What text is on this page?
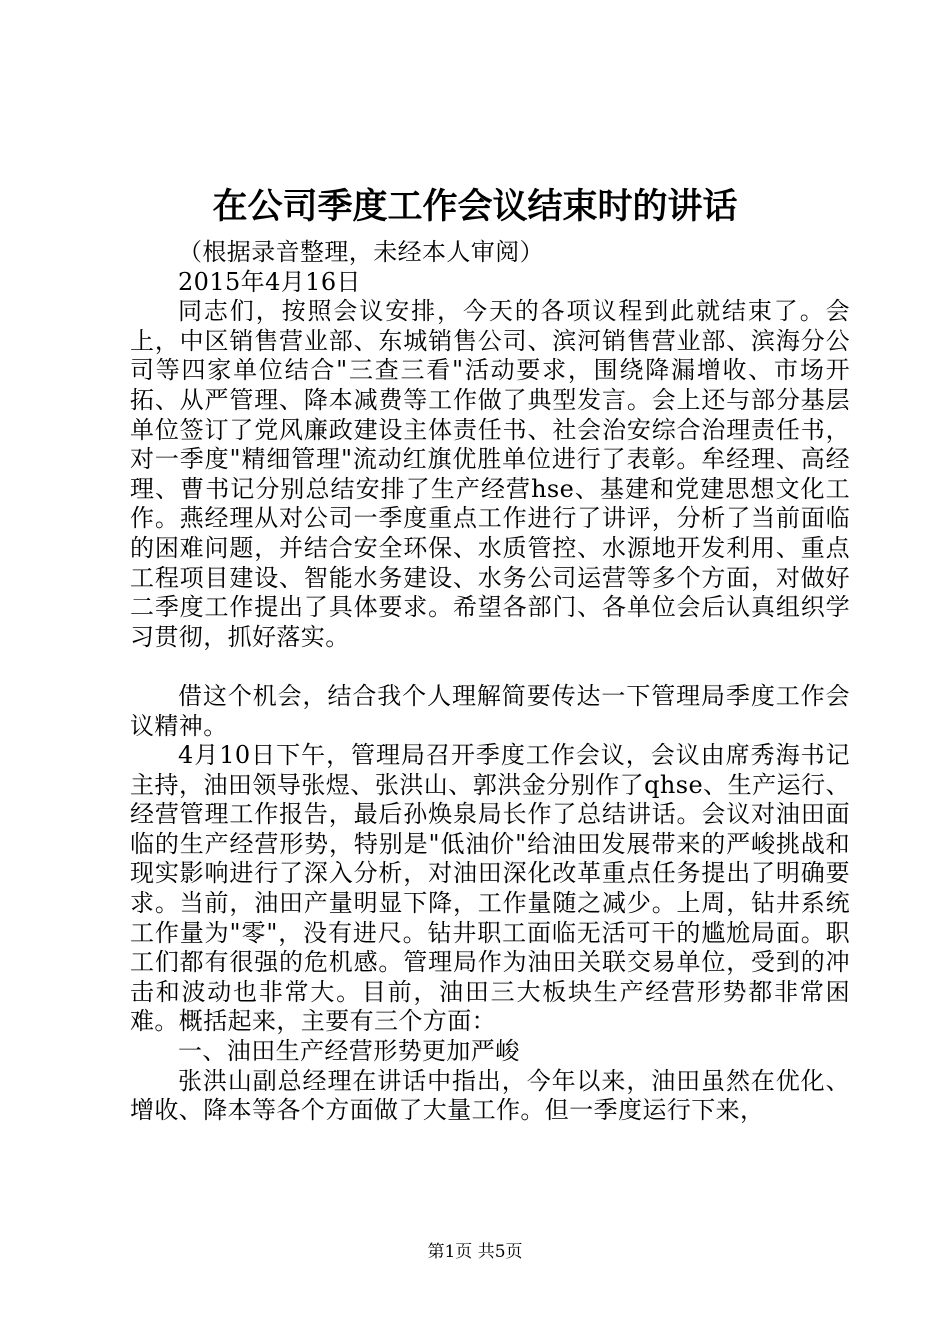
在公司季度工作会议结束时的讲话

（根据录音整理，未经本人审阅）

2015年4月16日

同志们，按照会议安排，今天的各项议程到此就结束了。会上，中区销售营业部、东城销售公司、滨河销售营业部、滨海分公司等四家单位结合"三查三看"活动要求，围绕降漏增收、市场开拓、从严管理、降本减费等工作做了典型发言。会上还与部分基层单位签订了党风廉政建设主体责任书、社会治安综合治理责任书，对一季度"精细管理"流动红旗优胜单位进行了表彰。牟经理、高经理、曹书记分别总结安排了生产经营hse、基建和党建思想文化工作。燕经理从对公司一季度重点工作进行了讲评，分析了当前面临的困难问题，并结合安全环保、水质管控、水源地开发利用、重点工程项目建设、智能水务建设、水务公司运营等多个方面，对做好二季度工作提出了具体要求。希望各部门、各单位会后认真组织学习贯彻，抓好落实。

借这个机会，结合我个人理解简要传达一下管理局季度工作会议精神。

4月10日下午，管理局召开季度工作会议，会议由席秀海书记主持，油田领导张煜、张洪山、郭洪金分别作了qhse、生产运行、经营管理工作报告，最后孙焕泉局长作了总结讲话。会议对油田面临的生产经营形势，特别是"低油价"给油田发展带来的严峻挑战和现实影响进行了深入分析，对油田深化改革重点任务提出了明确要求。当前，油田产量明显下降，工作量随之减少。上周，钻井系统工作量为"零"，没有进尺。钻井职工面临无活可干的尴尬局面。职工们都有很强的危机感。管理局作为油田关联交易单位，受到的冲击和波动也非常大。目前，油田三大板块生产经营形势都非常困难。概括起来，主要有三个方面：

一、油田生产经营形势更加严峻

张洪山副总经理在讲话中指出，今年以来，油田虽然在优化、增收、降本等各个方面做了大量工作。但一季度运行下来，

第1页 共5页
